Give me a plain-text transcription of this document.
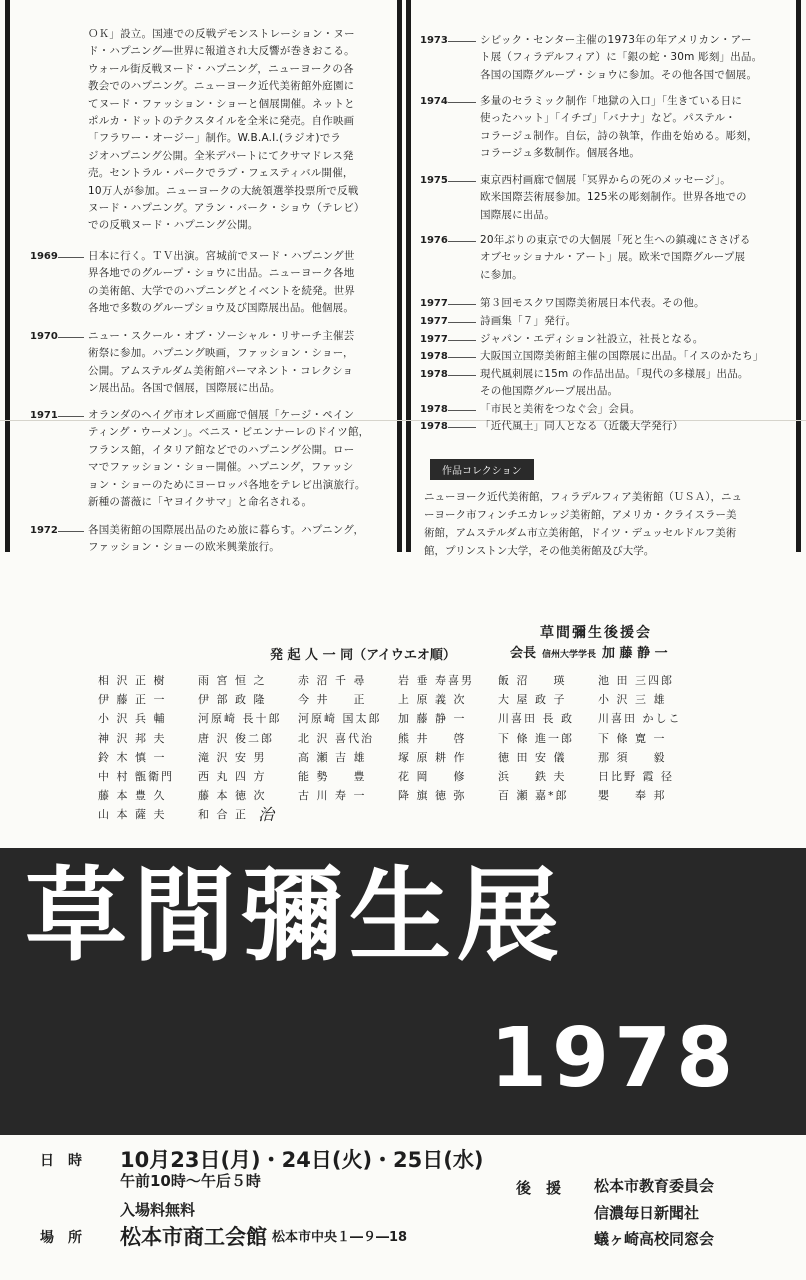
ＯＫ」設立。国連での反戦デモンストレーション・ヌー
ド・ハプニング―世界に報道され大反響が巻きおこる。
ウォール街反戦ヌード・ハプニング，ニューヨークの各
教会でのハプニング。ニューヨーク近代美術館外庭園に
てヌード・ファッション・ショーと個展開催。ネットと
ポルカ・ドットのテクスタイルを全米に発売。自作映画
「フラワー・オージー」制作。W.B.A.I.(ラジオ)でラ
ジオハプニング公開。全米デパートにてクサマドレス発
売。セントラル・パークでラブ・フェスティバル開催，
10万人が参加。ニューヨークの大統領選挙投票所で反戦
ヌード・ハプニング。アラン・バーク・ショウ（テレビ）
での反戦ヌード・ハプニング公開。
1969	日本に行く。ＴＶ出演。宮城前でヌード・ハプニング世
界各地でのグループ・ショウに出品。ニューヨーク各地
の美術館、大学でのハプニングとイベントを続発。世界
各地で多数のグループショウ及び国際展出品。他個展。
1970	ニュー・スクール・オブ・ソーシャル・リサーチ主催芸
術祭に参加。ハプニング映画，ファッション・ショー，
公開。アムステルダム美術館パーマネント・コレクショ
ン展出品。各国で個展，国際展に出品。
1971	オランダのヘイグ市オレズ画廊で個展「ケージ・ペイン
ティング・ウーメン」。ベニス・ビエンナーレのドイツ館，
フランス館，イタリア館などでのハプニング公開。ロー
マでファッション・ショー開催。ハプニング，ファッシ
ョン・ショーのためにヨーロッパ各地をテレビ出演旅行。
新種の薔薇に「ヤヨイクサマ」と命名される。
1972	各国美術館の国際展出品のため旅に暮らす。ハプニング，
ファッション・ショーの欧米興業旅行。
1973	シビック・センター主催の1973年の年アメリカン・アー
ト展（フィラデルフィア）に「銀の蛇・30m 彫刻」出品。
各国の国際グループ・ショウに参加。その他各国で個展。
1974	多量のセラミック制作「地獄の入口」「生きている日に
使ったハット」「イチゴ」「バナナ」など。パステル・
コラージュ制作。自伝，詩の執筆，作曲を始める。彫刻，
コラージュ多数制作。個展各地。
1975	東京西村画廊で個展「冥界からの死のメッセージ」。
欧米国際芸術展参加。125米の彫刻制作。世界各地での
国際展に出品。
1976	20年ぶりの東京での大個展「死と生への鎮魂にささげる
オブセッショナル・アート」展。欧米で国際グループ展
に参加。
1977	第３回モスクワ国際美術展日本代表。その他。
1977	詩画集「７」発行。
1977	ジャパン・エディション社設立，社長となる。
1978	大阪国立国際美術館主催の国際展に出品。「イスのかたち」
1978	現代風刺展に15m の作品出品。「現代の多様展」出品。
その他国際グループ展出品。
1978	「市民と美術をつなぐ会」会員。
1978	「近代風土」同人となる（近畿大学発行）
作品コレクション
ニューヨーク近代美術館，フィラデルフィア美術館（ＵＳＡ），ニュ
ーヨーク市フィンチエカレッジ美術館，アメリカ・クライスラー美
術館，アムステルダム市立美術館，ドイツ・デュッセルドルフ美術
館，プリンストン大学，その他美術館及び大学。
草間彌生後援会
発 起 人 一 同（アイウエオ順）	会長 信州大学学長 加 藤 静 一
相 沢 正 樹	雨 宮 恒 之	赤 沼 千 尋	岩 垂 寿喜男	飯 沼 　 瑛	池 田 三四郎
伊 藤 正 一	伊 部 政 隆	今 井 　 正	上 原 義 次	大 屋 政 子	小 沢 三 雄
小 沢 兵 輔	河原崎 長十郎	河原崎 国太郎	加 藤 静 一	川喜田 長 政	川喜田 かしこ
神 沢 邦 夫	唐 沢 俊二郎	北 沢 喜代治	熊 井 　 啓	下 條 進一郎	下 條 寛 一
鈴 木 慎 一	滝 沢 安 男	高 瀬 吉 雄	塚 原 耕 作	徳 田 安 儀	那 須 　 毅
中 村 甑衛門	西 丸 四 方	能 勢 　 豊	花 岡 　 修	浜 　 鉄 夫	日比野 霞 径
藤 本 豊 久	藤 本 徳 次	古 川 寿 一	降 旗 徳 弥	百 瀬 嘉*郎	嬰 　 奉 邦
山 本 薩 夫	和 合 正 治
草間彌生展
1978
日　時 10月23日(月)・24日(火)・25日(水)
午前10時〜午后５時
入場料無料
場　所 松本市商工会館 松本市中央１―９―18
後　援 松本市教育委員会
信濃毎日新聞社
蟻ヶ崎高校同窓会
